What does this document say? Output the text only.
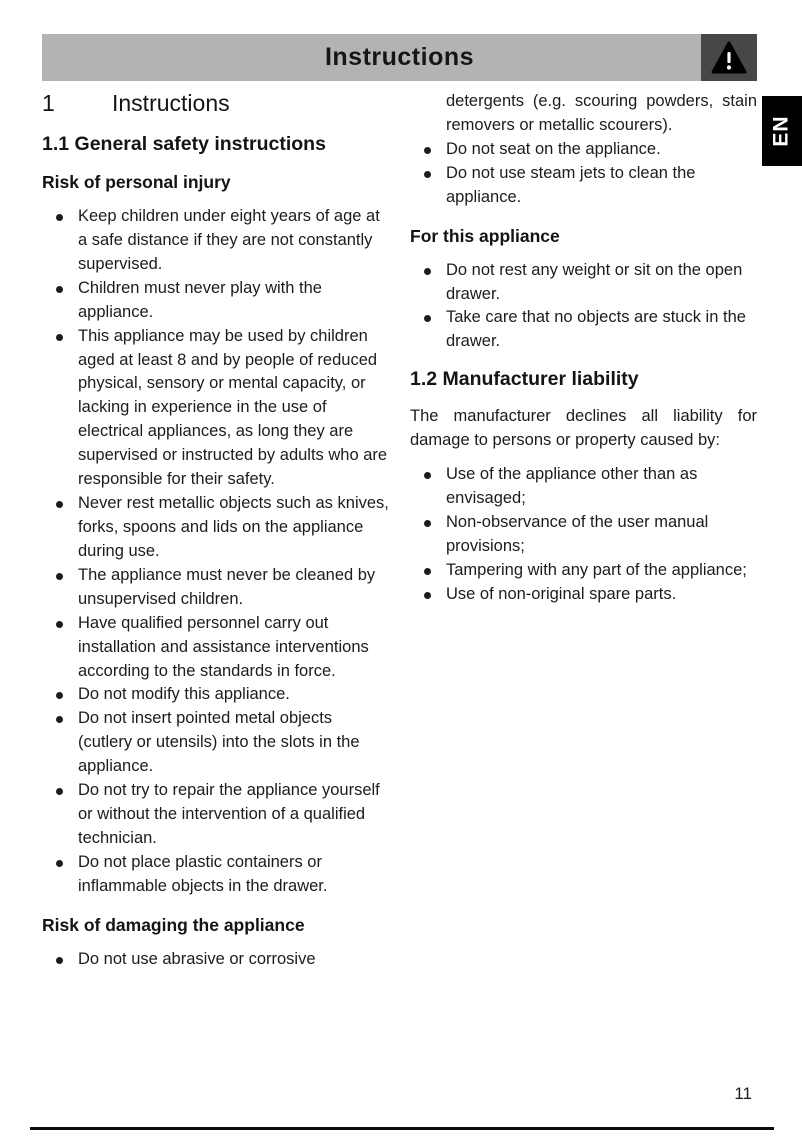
Instructions
EN
1 Instructions
1.1 General safety instructions
Risk of personal injury
Keep children under eight years of age at a safe distance if they are not constantly supervised.
Children must never play with the appliance.
This appliance may be used by children aged at least 8 and by people of reduced physical, sensory or mental capacity, or lacking in experience in the use of electrical appliances, as long they are supervised or instructed by adults who are responsible for their safety.
Never rest metallic objects such as knives, forks, spoons and lids on the appliance during use.
The appliance must never be cleaned by unsupervised children.
Have qualified personnel carry out installation and assistance interventions according to the standards in force.
Do not modify this appliance.
Do not insert pointed metal objects (cutlery or utensils) into the slots in the appliance.
Do not try to repair the appliance yourself or without the intervention of a qualified technician.
Do not place plastic containers or inflammable objects in the drawer.
Risk of damaging the appliance
Do not use abrasive or corrosive
detergents (e.g. scouring powders, stain removers or metallic scourers).
Do not seat on the appliance.
Do not use steam jets to clean the appliance.
For this appliance
Do not rest any weight or sit on the open drawer.
Take care that no objects are stuck in the drawer.
1.2 Manufacturer liability

The manufacturer declines all liability for damage to persons or property caused by:

Use of the appliance other than as envisaged;
Non-observance of the user manual provisions;
Tampering with any part of the appliance;
Use of non-original spare parts.
11
